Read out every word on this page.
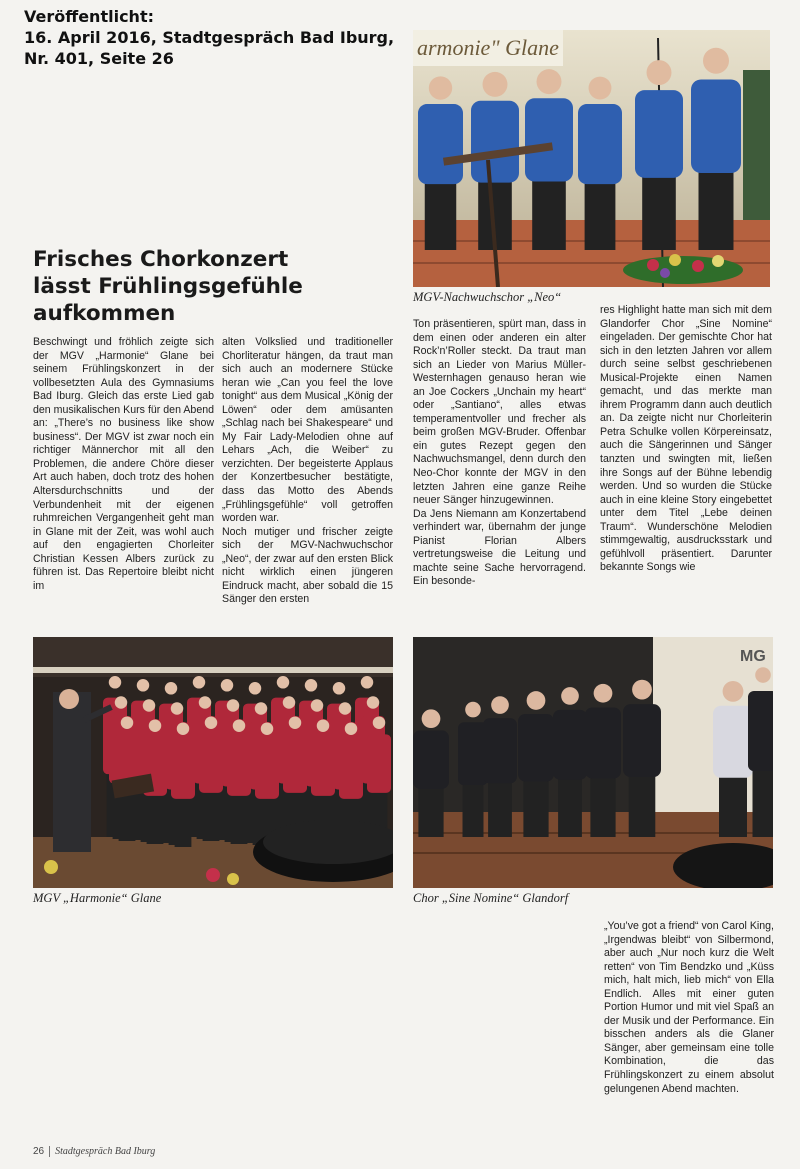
Veröffentlicht:
16. April 2016, Stadtgespräch Bad Iburg,
Nr. 401, Seite 26	armonie" Glane
MGV-Nachwuchschor „Neo“
Frisches Chorkonzert
lässt Frühlingsgefühle
aufkommen

Beschwingt und fröhlich zeigte sich der MGV „Harmonie“ Glane bei seinem Frühlingskonzert in der vollbesetzten Aula des Gymnasiums Bad Iburg. Gleich das erste Lied gab den musikalischen Kurs für den Abend an: „There’s no business like show business“. Der MGV ist zwar noch ein richtiger Männerchor mit all den Problemen, die andere Chöre dieser Art auch haben, doch trotz des hohen Altersdurchschnitts und der Verbundenheit mit der eigenen ruhmreichen Vergangenheit geht man in Glane mit der Zeit, was wohl auch auf den engagierten Chorleiter Christian Kessen Albers zurück zu führen ist. Das Repertoire bleibt nicht im

alten Volkslied und traditioneller Chorliteratur hängen, da traut man sich auch an modernere Stücke heran wie „Can you feel the love tonight“ aus dem Musical „König der Löwen“ oder dem amüsanten „Schlag nach bei Shakespeare“ und My Fair Lady-Melodien ohne auf Lehars „Ach, die Weiber“ zu verzichten. Der begeisterte Applaus der Konzertbesucher bestätigte, dass das Motto des Abends „Frühlingsgefühle“ voll getroffen worden war.

Noch mutiger und frischer zeigte sich der MGV-Nachwuchschor „Neo“, der zwar auf den ersten Blick nicht wirklich einen jüngeren Eindruck macht, aber sobald die 15 Sänger den ersten

Ton präsentieren, spürt man, dass in dem einen oder anderen ein alter Rock’n’Roller steckt. Da traut man sich an Lieder von Marius Müller-Westernhagen genauso heran wie an Joe Cockers „Unchain my heart“ oder „Santiano“, alles etwas temperamentvoller und frecher als beim großen MGV-Bruder. Offenbar ein gutes Rezept gegen den Nachwuchsmangel, denn durch den Neo-Chor konnte der MGV in den letzten Jahren eine ganze Reihe neuer Sänger hinzugewinnen.

Da Jens Niemann am Konzertabend verhindert war, übernahm der junge Pianist Florian Albers vertretungsweise die Leitung und machte seine Sache hervorragend. Ein besonde-

res Highlight hatte man sich mit dem Glandorfer Chor „Sine Nomine“ eingeladen. Der gemischte Chor hat sich in den letzten Jahren vor allem durch seine selbst geschriebenen Musical-Projekte einen Namen gemacht, und das merkte man ihrem Programm dann auch deutlich an. Da zeigte nicht nur Chorleiterin Petra Schulke vollen Körpereinsatz, auch die Sängerinnen und Sänger tanzten und swingten mit, ließen ihre Songs auf der Bühne lebendig werden. Und so wurden die Stücke auch in eine kleine Story eingebettet unter dem Titel „Lebe deinen Traum“. Wunderschöne Melodien stimmgewaltig, ausdrucksstark und gefühlvoll präsentiert. Darunter bekannte Songs wie

MGV „Harmonie“ Glane
MG
Chor „Sine Nomine“ Glandorf

„You’ve got a friend“ von Carol King, „Irgendwas bleibt“ von Silbermond, aber auch „Nur noch kurz die Welt retten“ von Tim Bendzko und „Küss mich, halt mich, lieb mich“ von Ella Endlich. Alles mit einer guten Portion Humor und mit viel Spaß an der Musik und der Performance. Ein bisschen anders als die Glaner Sänger, aber gemeinsam eine tolle Kombination, die das Frühlingskonzert zu einem absolut gelungenen Abend machten.

26 Stadtgespräch Bad Iburg
